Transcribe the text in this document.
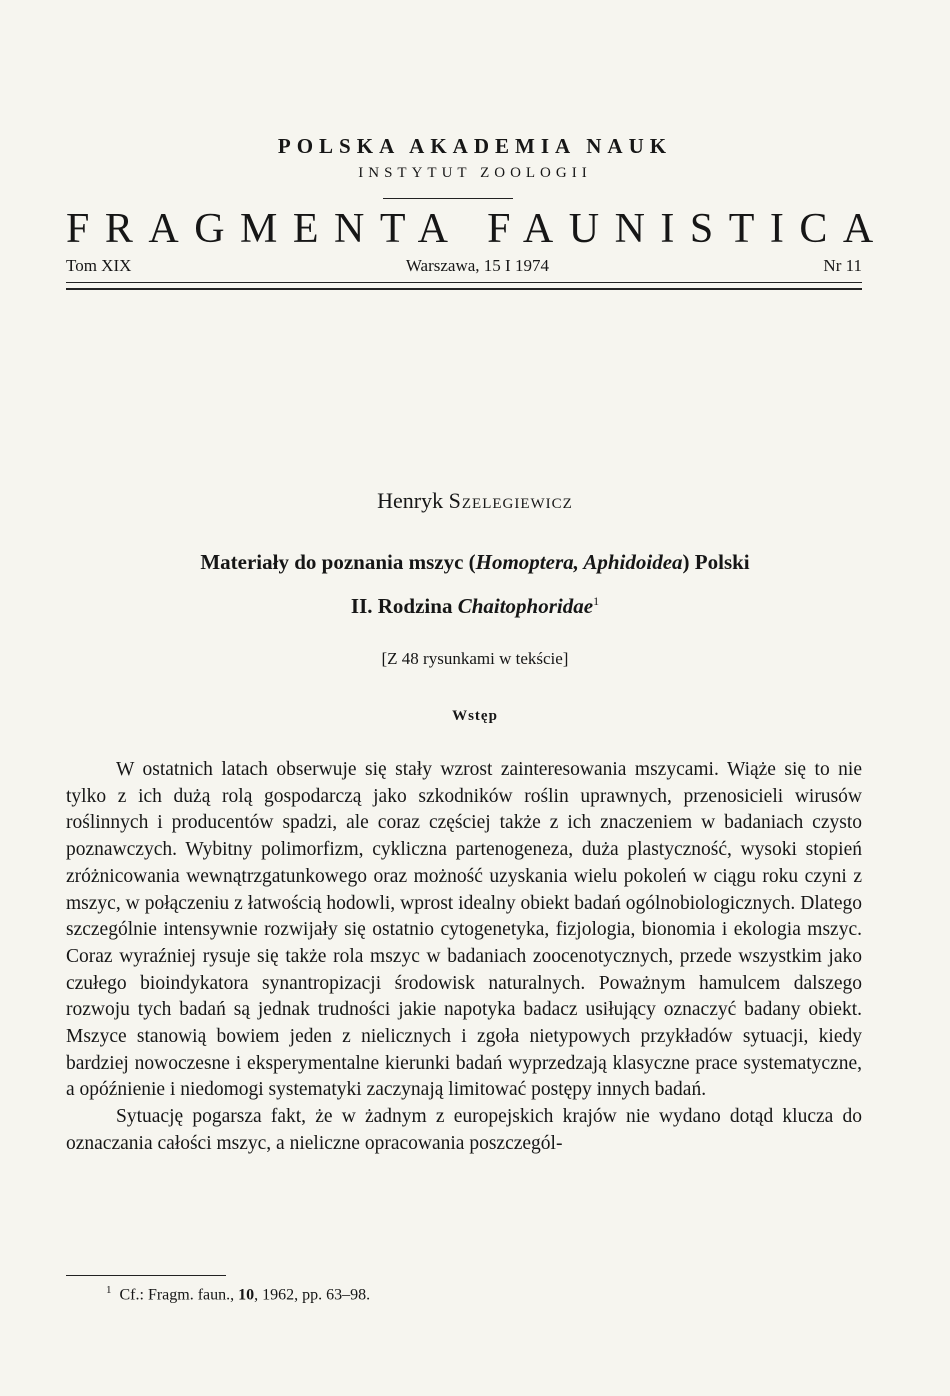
POLSKA AKADEMIA NAUK
INSTYTUT ZOOLOGII
FRAGMENTA FAUNISTICA
Tom XIX	Warszawa, 15 I 1974	Nr 11
Henryk Szelegiewicz
Materiały do poznania mszyc (Homoptera, Aphidoidea) Polski
II. Rodzina Chaitophoridae$^1$
[Z 48 rysunkami w tekście]
Wstęp

W ostatnich latach obserwuje się stały wzrost zainteresowania mszycami. Wiąże się to nie tylko z ich dużą rolą gospodarczą jako szkodników roślin uprawnych, przenosicieli wirusów roślinnych i producentów spadzi, ale coraz częściej także z ich znaczeniem w badaniach czysto poznawczych. Wybitny polimorfizm, cykliczna partenogeneza, duża plastyczność, wysoki stopień zróżnicowania wewnątrzgatunkowego oraz możność uzyskania wielu pokoleń w ciągu roku czyni z mszyc, w połączeniu z łatwością hodowli, wprost idealny obiekt badań ogólnobiologicznych. Dlatego szczególnie intensywnie rozwijały się ostatnio cytogenetyka, fizjologia, bionomia i ekologia mszyc. Coraz wyraźniej rysuje się także rola mszyc w badaniach zoocenotycznych, przede wszystkim jako czułego bioindykatora synantropizacji środowisk naturalnych. Poważnym hamulcem dalszego rozwoju tych badań są jednak trudności jakie napotyka badacz usiłujący oznaczyć badany obiekt. Mszyce stanowią bowiem jeden z nielicznych i zgoła nietypowych przykładów sytuacji, kiedy bardziej nowoczesne i eksperymentalne kierunki badań wyprzedzają klasyczne prace systematyczne, a opóźnienie i niedomogi systematyki zaczynają limitować postępy innych badań.

Sytuację pogarsza fakt, że w żadnym z europejskich krajów nie wydano dotąd klucza do oznaczania całości mszyc, a nieliczne opracowania poszczegól-

$^1$ Cf.: Fragm. faun., 10, 1962, pp. 63–98.
